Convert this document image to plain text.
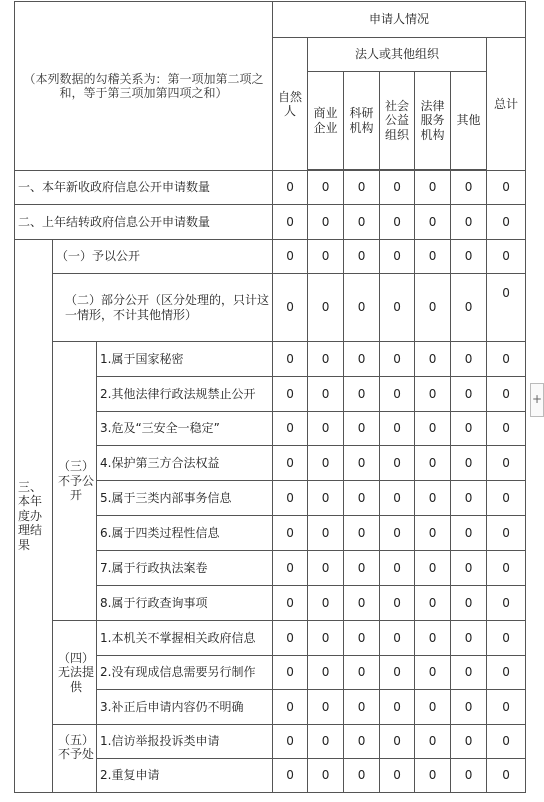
（本列数据的勾稽关系为：第一项加第二项之和，等于第三项加第四项之和）			申请人情况						
			自然人	法人或其他组织					总计
				商业企业	科研机构	社会公益组织	法律服务机构	其他	

一、本年新收政府信息公开申请数量			0	0	0	0	0	0	0
二、上年结转政府信息公开申请数量			0	0	0	0	0	0	0
三、本年度办理结果	（一）予以公开		0	0	0	0	0	0	0
	（二）部分公开（区分处理的，只计这一情形，不计其他情形）		0	0	0	0	0	0	0
	（三）不予公开	1.属于国家秘密	0	0	0	0	0	0	0
		2.其他法律行政法规禁止公开	0	0	0	0	0	0	0
		3.危及“三安全一稳定”	0	0	0	0	0	0	0
		4.保护第三方合法权益	0	0	0	0	0	0	0
		5.属于三类内部事务信息	0	0	0	0	0	0	0
		6.属于四类过程性信息	0	0	0	0	0	0	0
		7.属于行政执法案卷	0	0	0	0	0	0	0
		8.属于行政查询事项	0	0	0	0	0	0	0
	（四）无法提供	1.本机关不掌握相关政府信息	0	0	0	0	0	0	0
		2.没有现成信息需要另行制作	0	0	0	0	0	0	0
		3.补正后申请内容仍不明确	0	0	0	0	0	0	0
	（五）不予处	1.信访举报投诉类申请	0	0	0	0	0	0	0
		2.重复申请	0	0	0	0	0	0	0
+
